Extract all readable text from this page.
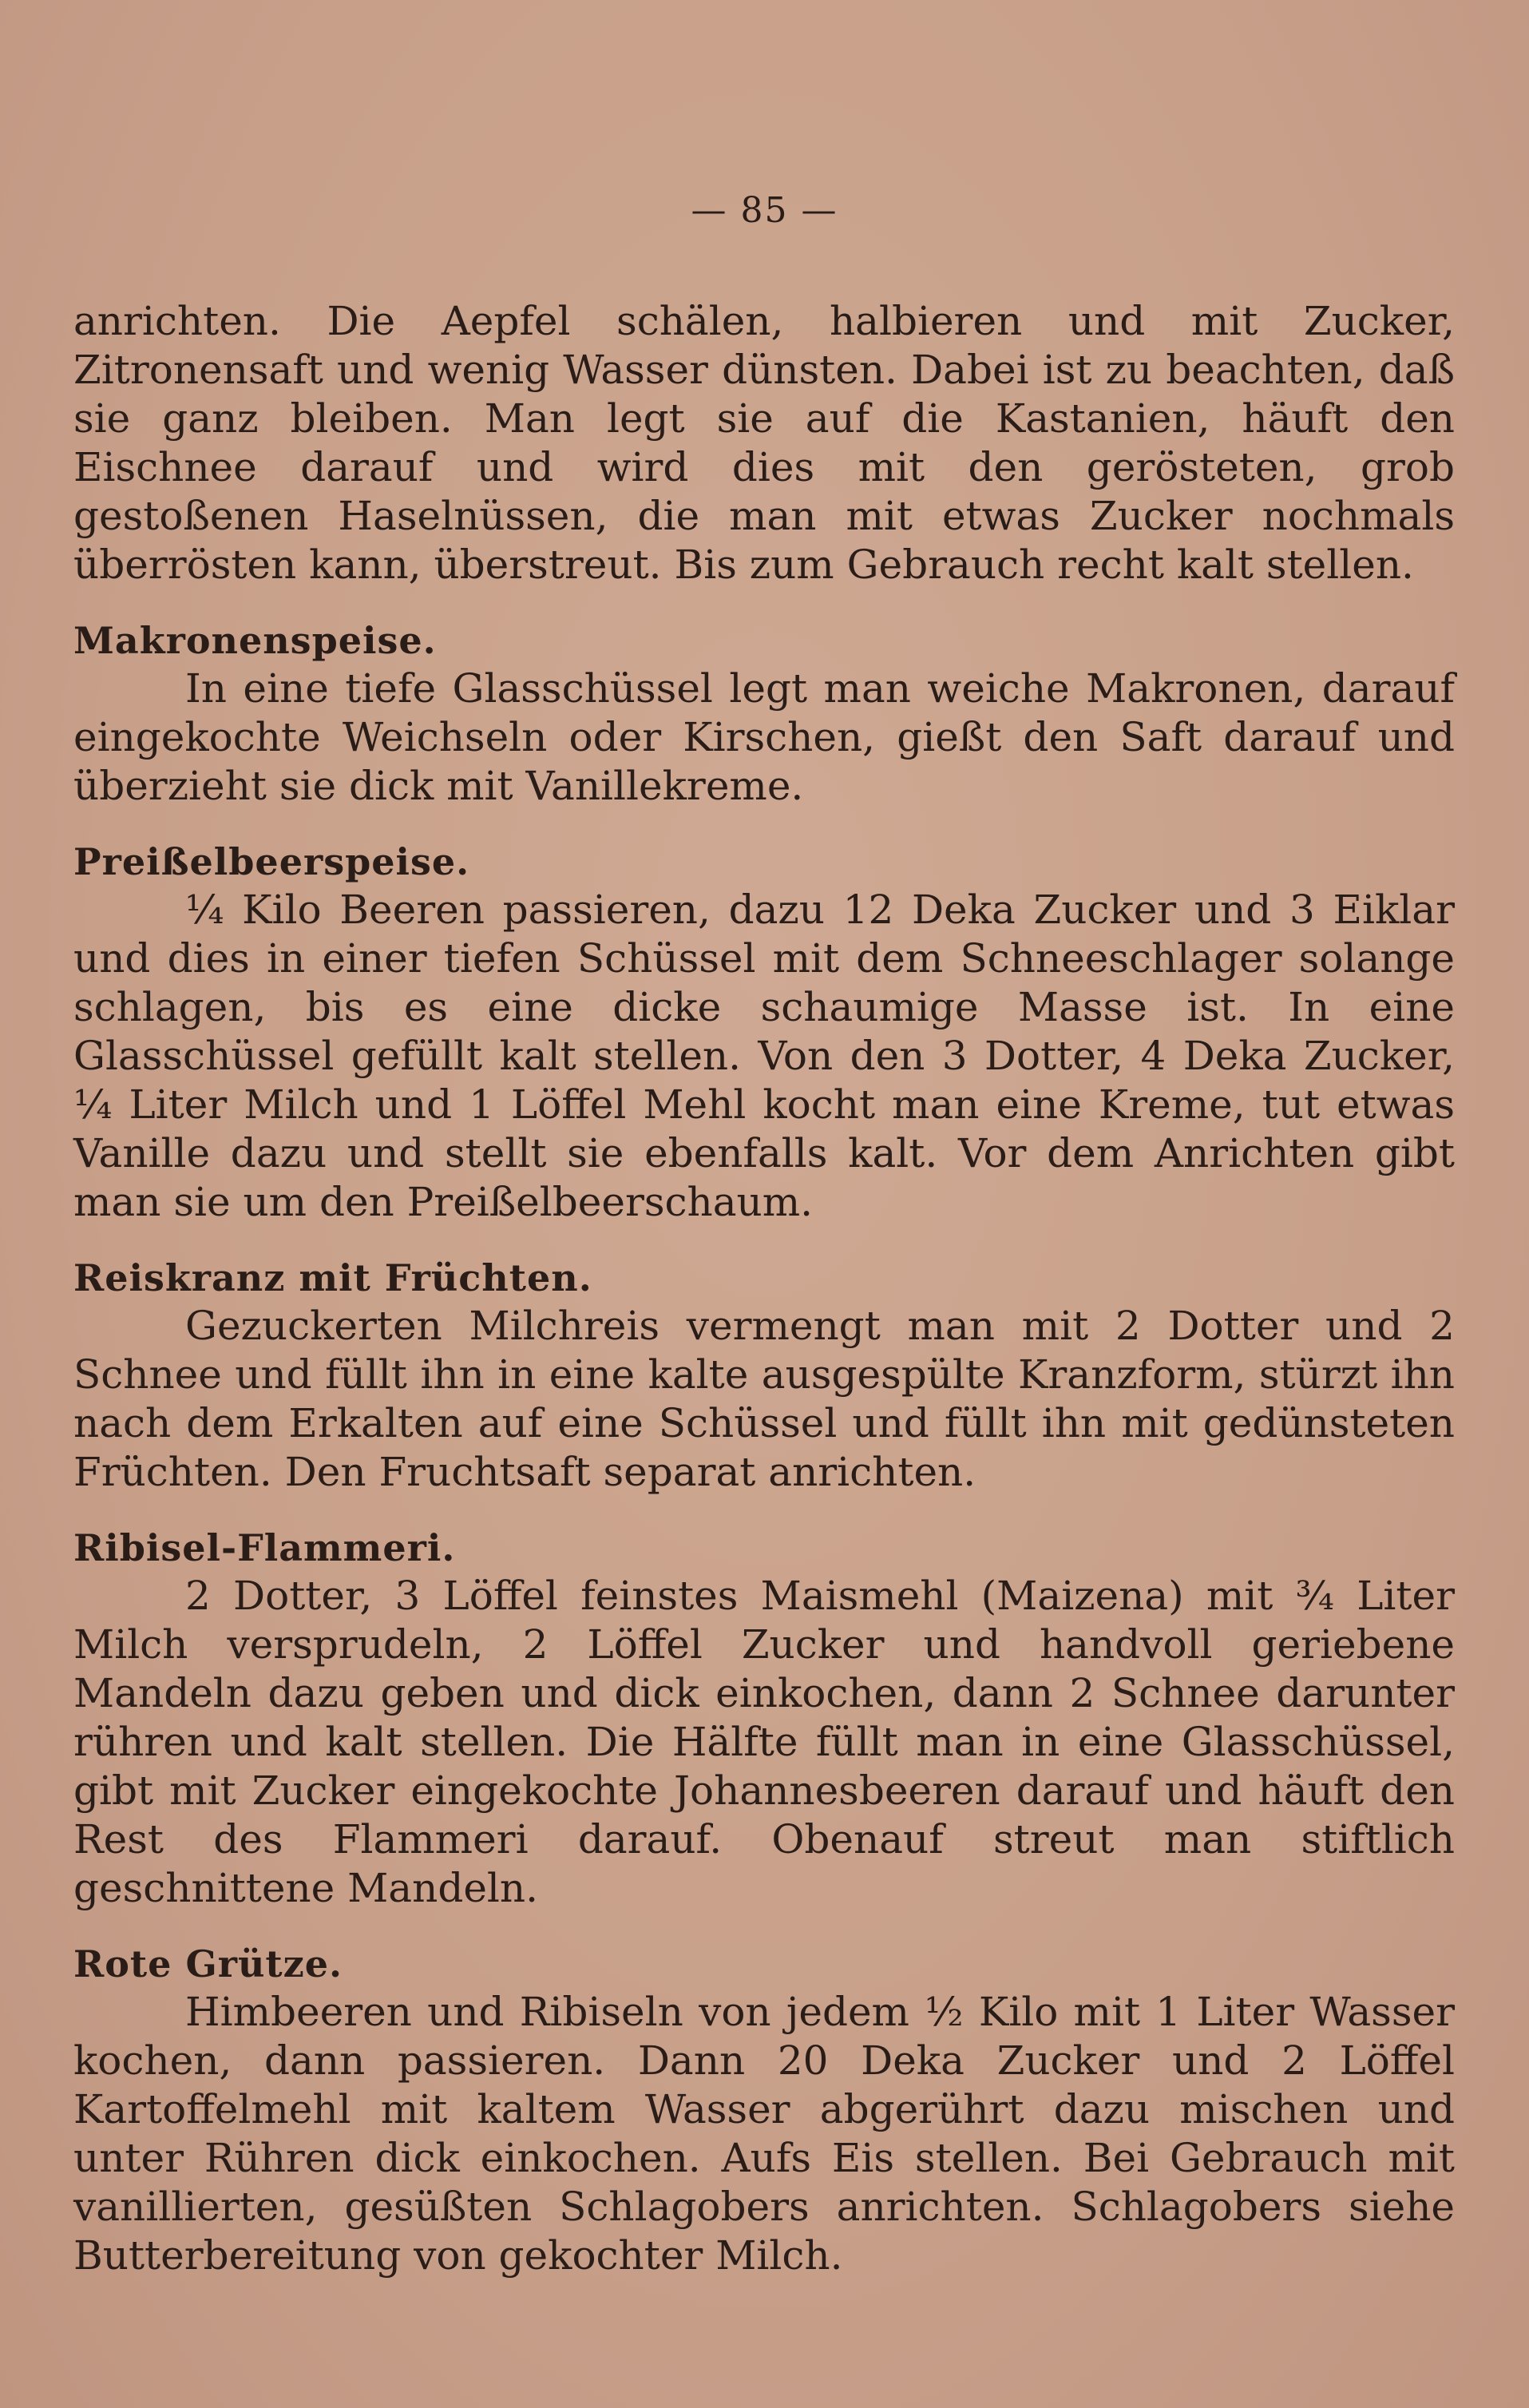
— 85 —

anrichten. Die Aepfel schälen, halbieren und mit Zucker, Zitronensaft und wenig Wasser dünsten. Dabei ist zu beachten, daß sie ganz bleiben. Man legt sie auf die Kastanien, häuft den Eischnee darauf und wird dies mit den gerösteten, grob gestoßenen Haselnüssen, die man mit etwas Zucker nochmals überrösten kann, überstreut. Bis zum Gebrauch recht kalt stellen.

Makronenspeise.

In eine tiefe Glasschüssel legt man weiche Makronen, darauf eingekochte Weichseln oder Kirschen, gießt den Saft darauf und überzieht sie dick mit Vanillekreme.

Preißelbeerspeise.

¼ Kilo Beeren passieren, dazu 12 Deka Zucker und 3 Eiklar und dies in einer tiefen Schüssel mit dem Schneeschlager solange schlagen, bis es eine dicke schaumige Masse ist. In eine Glasschüssel gefüllt kalt stellen. Von den 3 Dotter, 4 Deka Zucker, ¼ Liter Milch und 1 Löffel Mehl kocht man eine Kreme, tut etwas Vanille dazu und stellt sie ebenfalls kalt. Vor dem Anrichten gibt man sie um den Preißelbeerschaum.

Reiskranz mit Früchten.

Gezuckerten Milchreis vermengt man mit 2 Dotter und 2 Schnee und füllt ihn in eine kalte ausgespülte Kranzform, stürzt ihn nach dem Erkalten auf eine Schüssel und füllt ihn mit gedünsteten Früchten. Den Fruchtsaft separat anrichten.

Ribisel-Flammeri.

2 Dotter, 3 Löffel feinstes Maismehl (Maizena) mit ¾ Liter Milch versprudeln, 2 Löffel Zucker und handvoll geriebene Mandeln dazu geben und dick einkochen, dann 2 Schnee darunter rühren und kalt stellen. Die Hälfte füllt man in eine Glasschüssel, gibt mit Zucker eingekochte Johannesbeeren darauf und häuft den Rest des Flammeri darauf. Obenauf streut man stiftlich geschnittene Mandeln.

Rote Grütze.

Himbeeren und Ribiseln von jedem ½ Kilo mit 1 Liter Wasser kochen, dann passieren. Dann 20 Deka Zucker und 2 Löffel Kartoffelmehl mit kaltem Wasser abgerührt dazu mischen und unter Rühren dick einkochen. Aufs Eis stellen. Bei Gebrauch mit vanillierten, gesüßten Schlagobers anrichten. Schlagobers siehe Butterbereitung von gekochter Milch.
